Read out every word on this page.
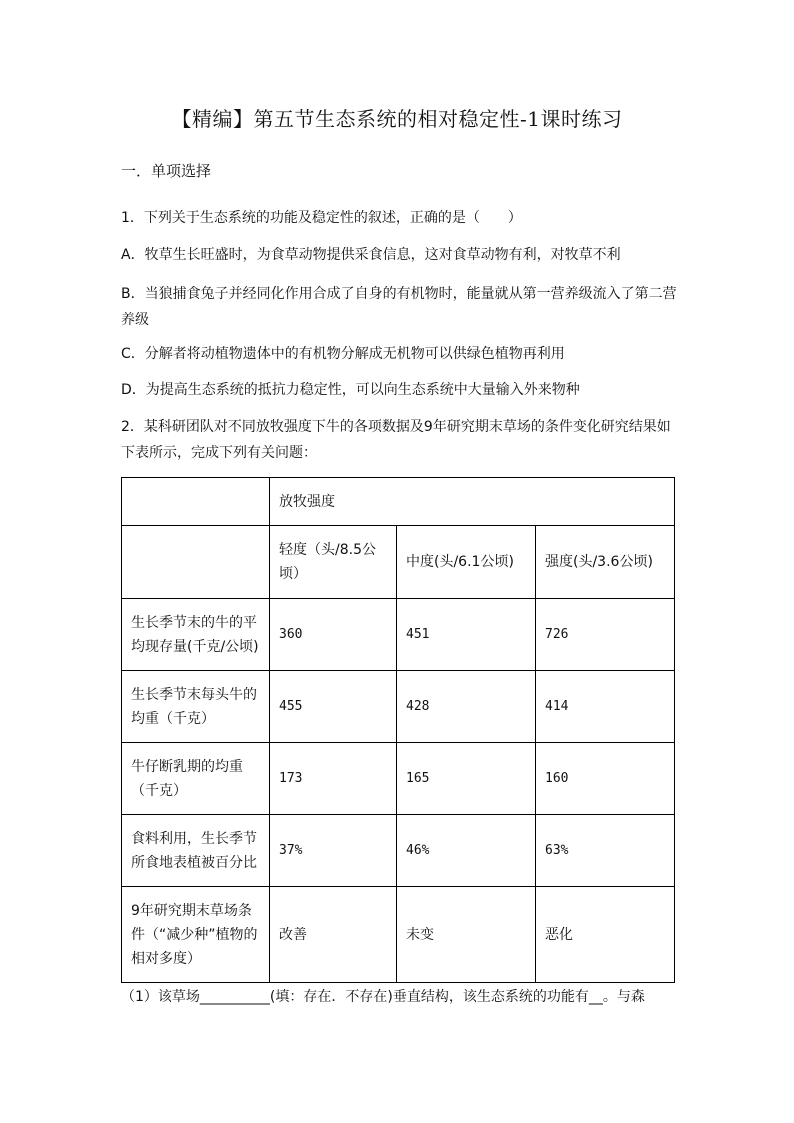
【精编】第五节生态系统的相对稳定性-1课时练习
一．单项选择
1．下列关于生态系统的功能及稳定性的叙述，正确的是（　　）
A．牧草生长旺盛时，为食草动物提供采食信息，这对食草动物有利，对牧草不利
B．当狼捕食兔子并经同化作用合成了自身的有机物时，能量就从第一营养级流入了第二营养级
C．分解者将动植物遗体中的有机物分解成无机物可以供绿色植物再利用
D．为提高生态系统的抵抗力稳定性，可以向生态系统中大量输入外来物种
2．某科研团队对不同放牧强度下牛的各项数据及9年研究期末草场的条件变化研究结果如下表所示，完成下列有关问题：
	放牧强度		
	轻度（头/8.5公顷）	中度(头/6.1公顷)	强度(头/3.6公顷)
生长季节末的牛的平均现存量(千克/公顷)	360	451	726
生长季节末每头牛的均重（千克）	455	428	414
牛仔断乳期的均重（千克）	173	165	160
食料利用，生长季节所食地表植被百分比	37%	46%	63%
9年研究期末草场条件（“减少种”植物的相对多度）	改善	未变	恶化
（1）该草场__________(填：存在．不存在)垂直结构，该生态系统的功能有__。与森
